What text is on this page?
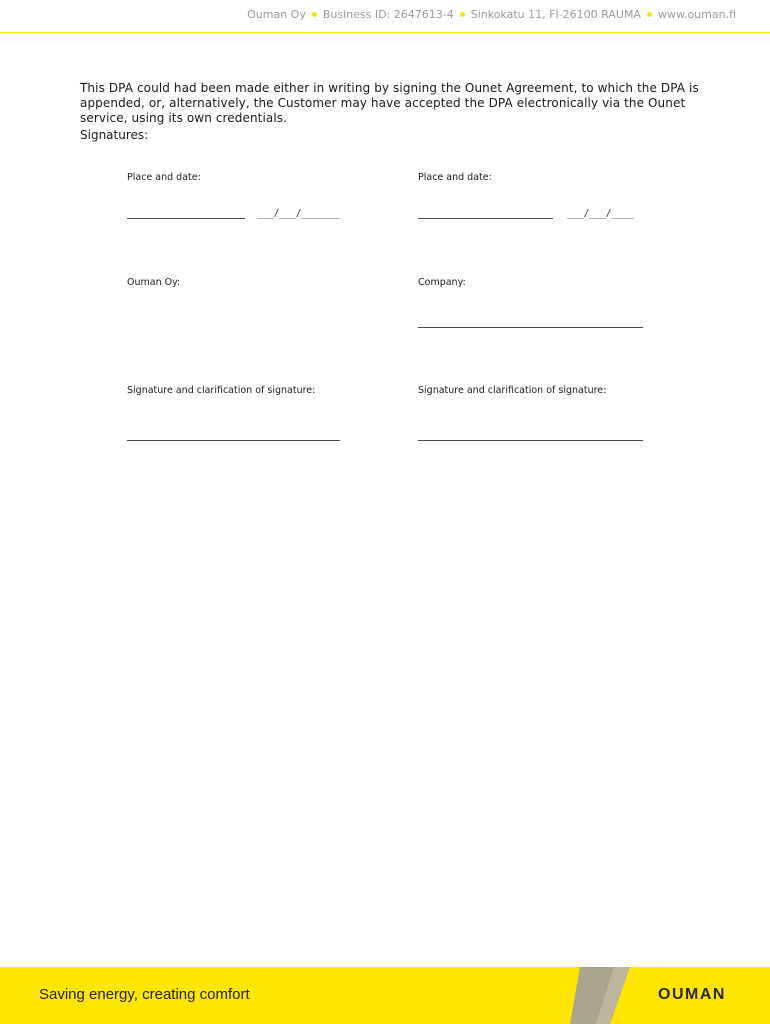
Ouman Oy Business ID: 2647613-4 Sinkokatu 11, FI-26100 RAUMA www.ouman.fi

This DPA could had been made either in writing by signing the Ounet Agreement, to which the DPA is appended, or, alternatively, the Customer may have accepted the DPA electronically via the Ounet service, using its own credentials.

Signatures:
Place and date:
___/___/_______
Ouman Oy:
Signature and clarification of signature:
Place and date:
___/___/____
Company:
Signature and clarification of signature:
Saving energy, creating comfort	OUMAN
